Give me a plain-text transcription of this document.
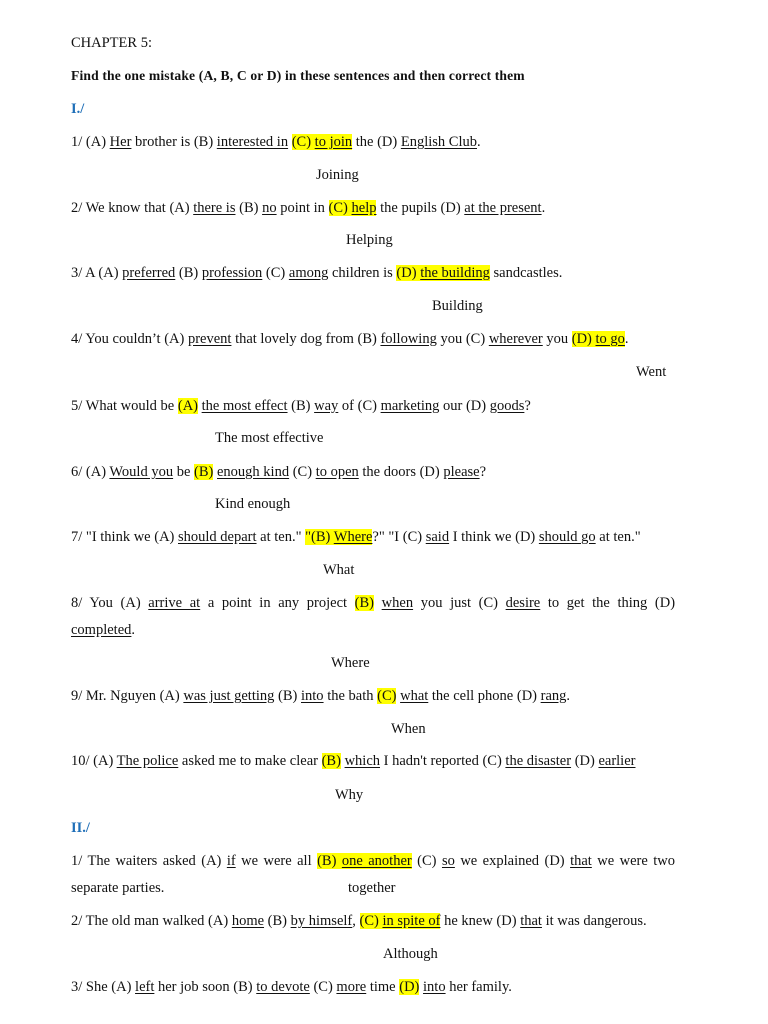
CHAPTER 5:
Find the one mistake (A, B, C or D) in these sentences and then correct them
I./
1/ (A) Her brother is (B) interested in (C) to join the (D) English Club.
Joining
2/ We know that (A) there is (B) no point in (C) help the pupils (D) at the present.
Helping
3/ A (A) preferred (B) profession (C) among children is (D) the building sandcastles.
Building
4/ You couldn’t (A) prevent that lovely dog from (B) following you (C) wherever you (D) to go.
Went
5/ What would be (A) the most effect (B) way of (C) marketing our (D) goods?
The most effective
6/ (A) Would you be (B) enough kind (C) to open the doors (D) please?
Kind enough
7/ "I think we (A) should depart at ten." "(B) Where?" "I (C) said I think we (D) should go at ten."
What
8/ You (A) arrive at a point in any project (B) when you just (C) desire to get the thing (D)
completed.
Where
9/ Mr. Nguyen (A) was just getting (B) into the bath (C) what the cell phone (D) rang.
When
10/ (A) The police asked me to make clear (B) which I hadn't reported (C) the disaster (D) earlier
Why
II./
1/ The waiters asked (A) if we were all (B) one another (C) so we explained (D) that we were two
separate parties.	together
2/ The old man walked (A) home (B) by himself, (C) in spite of he knew (D) that it was dangerous.
Although
3/ She (A) left her job soon (B) to devote (C) more time (D) into her family.
